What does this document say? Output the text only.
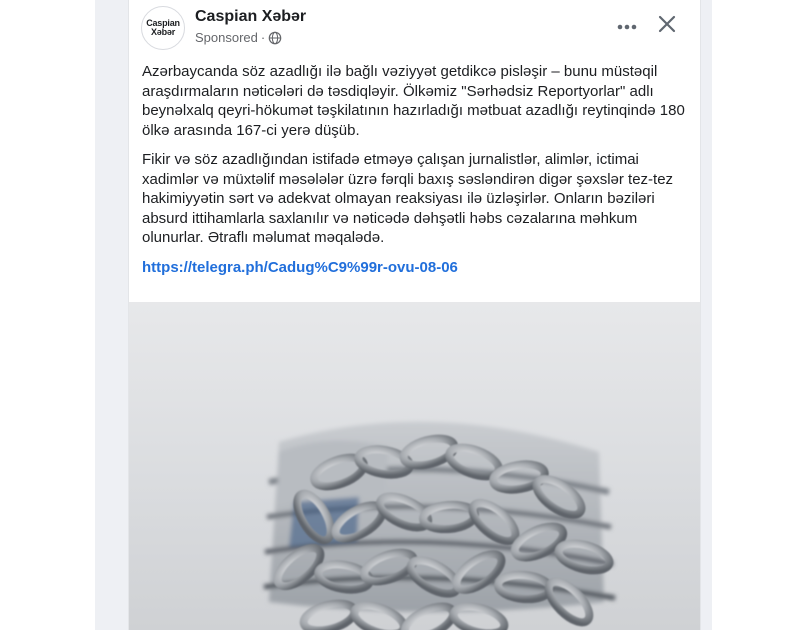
Caspian
Xəbər
Caspian Xəbər
Sponsored ·

Azərbaycanda söz azadlığı ilə bağlı vəziyyət getdikcə pisləşir – bunu müstəqil araşdırmaların nəticələri də təsdiqləyir. Ölkəmiz "Sərhədsiz Reportyorlar" adlı beynəlxalq qeyri-hökumət təşkilatının hazırladığı mətbuat azadlığı reytinqində 180 ölkə arasında 167-ci yerə düşüb.

Fikir və söz azadlığından istifadə etməyə çalışan jurnalistlər, alimlər, ictimai xadimlər və müxtəlif məsələlər üzrə fərqli baxış səsləndirən digər şəxslər tez-tez hakimiyyətin sərt və adekvat olmayan reaksiyası ilə üzləşirlər. Onların bəziləri absurd ittihamlarla saxlanılır və nəticədə dəhşətli həbs cəzalarına məhkum olunurlar. Ətraflı məlumat məqalədə.

https://telegra.ph/Cadug%C9%99r-ovu-08-06
